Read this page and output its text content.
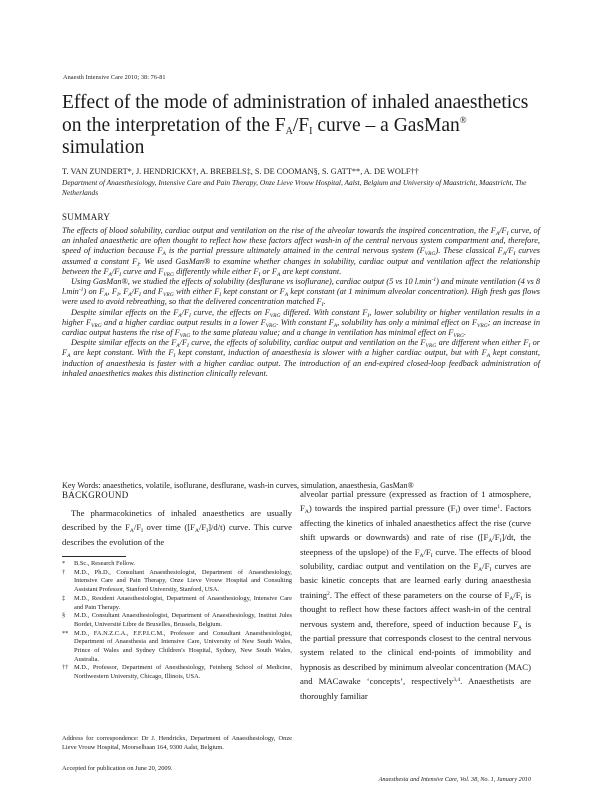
Anaesth Intensive Care 2010; 38: 76-81
Effect of the mode of administration of inhaled anaesthetics on the interpretation of the $F_A/F_I$ curve – a GasMan® simulation
T. VAN ZUNDERT*, J. HENDRICKX†, A. BREBELS‡, S. DE COOMAN§, S. GATT**, A. DE WOLF††
Department of Anaesthesiology, Intensive Care and Pain Therapy, Onze Lieve Vrouw Hospital, Aalst, Belgium and University of Maastricht, Maastricht, The Netherlands
SUMMARY

The effects of blood solubility, cardiac output and ventilation on the rise of the alveolar towards the inspired concentration, the $F_A/F_I$ curve, of an inhaled anaesthetic are often thought to reflect how these factors affect wash-in of the central nervous system compartment and, therefore, speed of induction because $F_A$ is the partial pressure ultimately attained in the central nervous system $(F_{VRG})$. These classical $F_A/F_I$ curves assumed a constant $F_I$. We used GasMan® to examine whether changes in solubility, cardiac output and ventilation affect the relationship between the $F_A/F_I$ curve and $F_{VRG}$ differently while either $F_I$ or $F_A$ are kept constant.

Using GasMan®, we studied the effects of solubility (desflurane vs isoflurane), cardiac output (5 vs 10 $l.\min^{-1}$) and minute ventilation (4 vs 8 $l.\min^{-1}$) on $F_A$, $F_I$, $F_A/F_I$ and $F_{VRG}$ with either $F_I$ kept constant or $F_A$ kept constant (at 1 minimum alveolar concentration). High fresh gas flows were used to avoid rebreathing, so that the delivered concentration matched $F_I$.

Despite similar effects on the $F_A/F_I$ curve, the effects on $F_{VRG}$ differed. With constant $F_I$, lower solubility or higher ventilation results in a higher $F_{VRG}$ and a higher cardiac output results in a lower $F_{VRG}$. With constant $F_A$, solubility has only a minimal effect on $F_{VRG}$; an increase in cardiac output hastens the rise of $F_{VRG}$ to the same plateau value; and a change in ventilation has minimal effect on $F_{VRG}$.

Despite similar effects on the $F_A/F_I$ curve, the effects of solubility, cardiac output and ventilation on the $F_{VRG}$ are different when either $F_I$ or $F_A$ are kept constant. With the $F_I$ kept constant, induction of anaesthesia is slower with a higher cardiac output, but with $F_A$ kept constant, induction of anaesthesia is faster with a higher cardiac output. The introduction of an end-expired closed-loop feedback administration of inhaled anaesthetics makes this distinction clinically relevant.

Key Words: anaesthetics, volatile, isoflurane, desflurane, wash-in curves, simulation, anaesthesia, GasMan®
BACKGROUND

The pharmacokinetics of inhaled anaesthetics are usually described by the $F_A/F_I$ over time $([F_A/F_I]/d/t)$ curve. This curve describes the evolution of the

*	B.Sc., Research Fellow.
†	M.D., Ph.D., Consultant Anaesthesiologist, Department of Anaesthesiology, Intensive Care and Pain Therapy, Onze Lieve Vrouw Hospital and Consulting Assistant Professor, Stanford University, Stanford, USA.
‡	M.D., Resident Anaesthesiologist, Department of Anaesthesiology, Intensive Care and Pain Therapy.
§	M.D., Consultant Anaesthesiologist, Department of Anaesthesiology, Institut Jules Bordet, Université Libre de Bruxelles, Brussels, Belgium.
** M.D., FA.N.Z.C.A., F.F.P.I.C.M., Professor and Consultant Anaesthesiologist, Department of Anaesthesia and Intensive Care, University of New South Wales, Prince of Wales and Sydney Children's Hospital, Sydney, New South Wales, Australia.
†† M.D., Professor, Department of Anesthesiology, Feinberg School of Medicine, Northwestern University, Chicago, Illinois, USA.
Address for correspondence: Dr J. Hendrickx, Department of Anaesthesiology, Onze Lieve Vrouw Hospital, Moorselbaan 164, 9300 Aalst, Belgium.
Accepted for publication on June 20, 2009.

alveolar partial pressure (expressed as fraction of 1 atmosphere, $F_A$) towards the inspired partial pressure $(F_I)$ over time$^1$. Factors affecting the kinetics of inhaled anaesthetics affect the rise (curve shift upwards or downwards) and rate of rise ($[F_A/F_I]/dt$, the steepness of the upslope) of the $F_A/F_I$ curve. The effects of blood solubility, cardiac output and ventilation on the $F_A/F_I$ curves are basic kinetic concepts that are learned early during anaesthesia training$^2$. The effect of these parameters on the course of $F_A/F_I$ is thought to reflect how these factors affect wash-in of the central nervous system and, therefore, speed of induction because $F_A$ is the partial pressure that corresponds closest to the central nervous system related to the clinical end-points of immobility and hypnosis as described by minimum alveolar concentration (MAC) and MACawake ‘concepts’, respectively$^{3,4}$. Anaesthetists are thoroughly familiar

Anaesthesia and Intensive Care, Vol. 38, No. 1, January 2010
